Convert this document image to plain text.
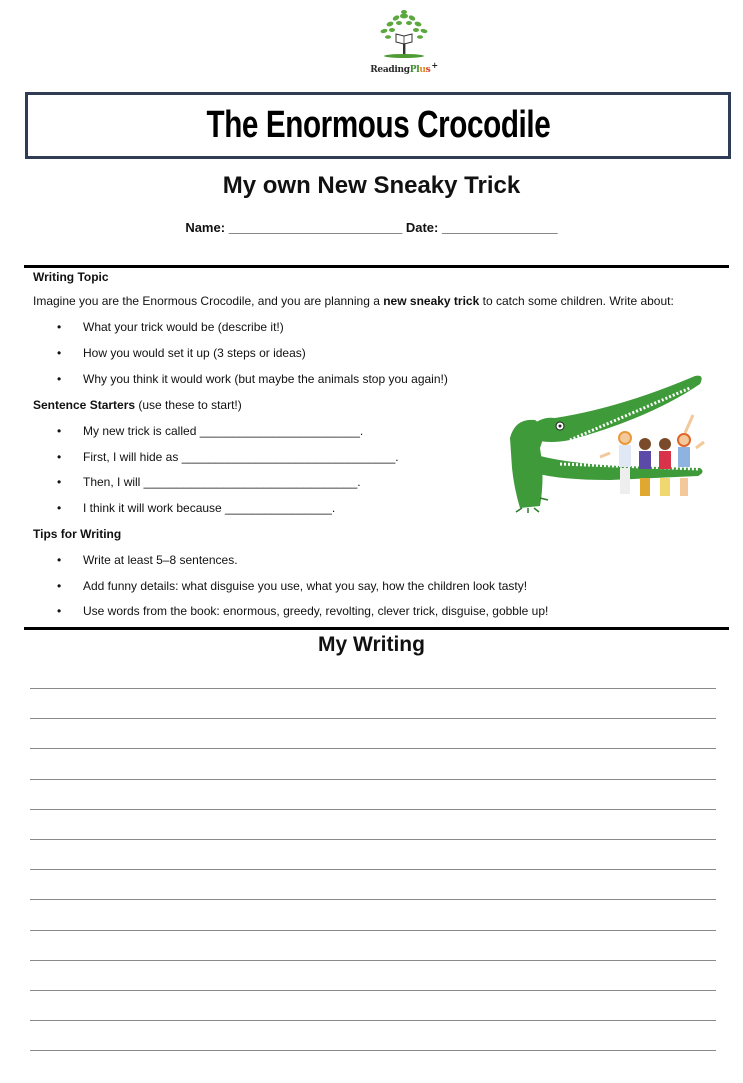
ReadingPlus+
The Enormous Crocodile
My own New Sneaky Trick
Name: ________________________ Date: ________________
Writing Topic
Imagine you are the Enormous Crocodile, and you are planning a new sneaky trick to catch some children. Write about:
• What your trick would be (describe it!)
• How you would set it up (3 steps or ideas)
• Why you think it would work (but maybe the animals stop you again!)
Sentence Starters (use these to start!)
• My new trick is called ________________________.
• First, I will hide as ________________________________.
• Then, I will ________________________________.
• I think it will work because ________________.
Tips for Writing
• Write at least 5–8 sentences.
• Add funny details: what disguise you use, what you say, how the children look tasty!
• Use words from the book: enormous, greedy, revolting, clever trick, disguise, gobble up!
My Writing
